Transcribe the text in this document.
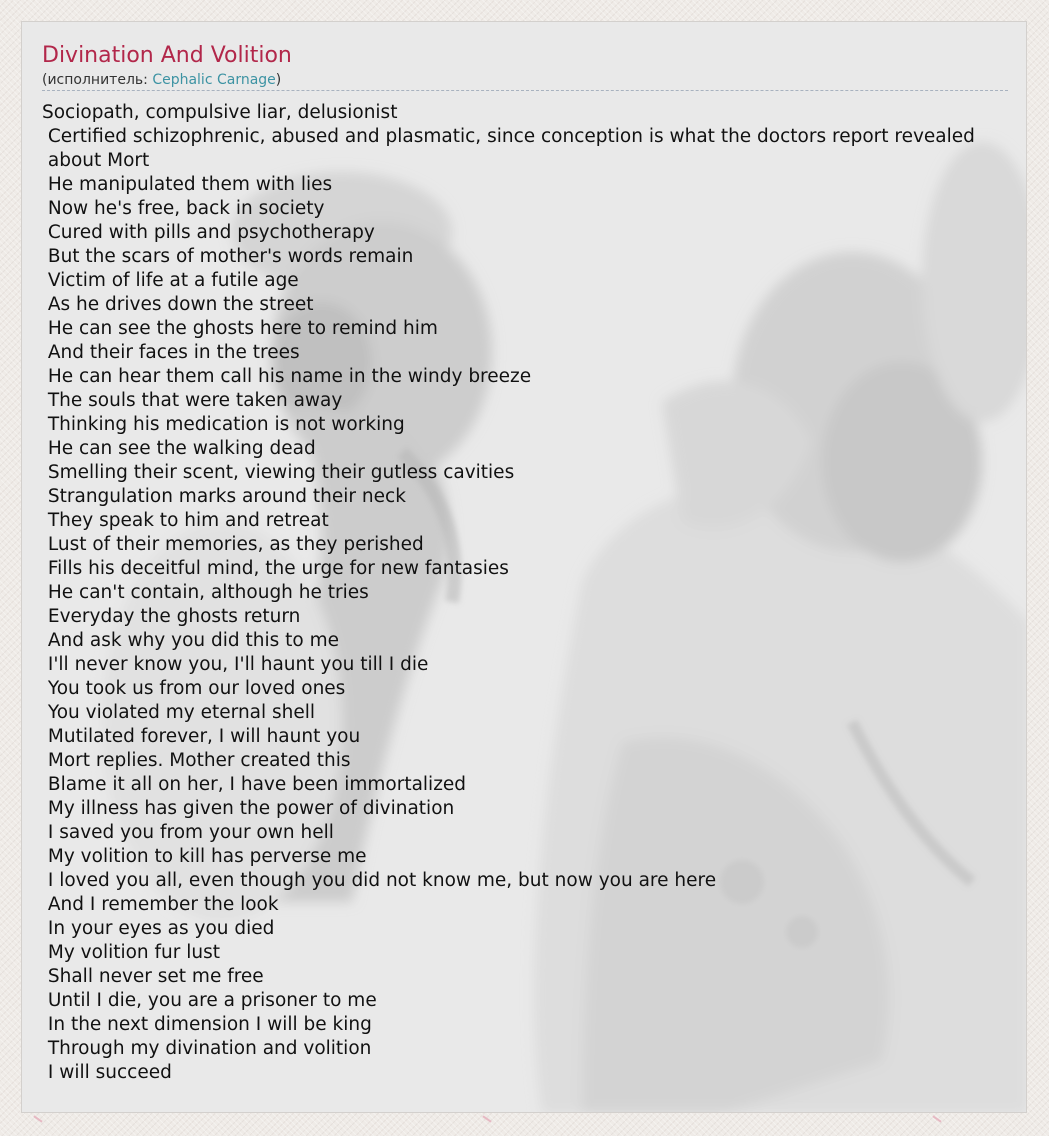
Divination And Volition
(исполнитель: Cephalic Carnage)
Sociopath, compulsive liar, delusionist
Certified schizophrenic, abused and plasmatic, since conception is what the doctors report revealed
about Mort
He manipulated them with lies
Now he's free, back in society
Cured with pills and psychotherapy
But the scars of mother's words remain
Victim of life at a futile age
As he drives down the street
He can see the ghosts here to remind him
And their faces in the trees
He can hear them call his name in the windy breeze
The souls that were taken away
Thinking his medication is not working
He can see the walking dead
Smelling their scent, viewing their gutless cavities
Strangulation marks around their neck
They speak to him and retreat
Lust of their memories, as they perished
Fills his deceitful mind, the urge for new fantasies
He can't contain, although he tries
Everyday the ghosts return
And ask why you did this to me
I'll never know you, I'll haunt you till I die
You took us from our loved ones
You violated my eternal shell
Mutilated forever, I will haunt you
Mort replies. Mother created this
Blame it all on her, I have been immortalized
My illness has given the power of divination
I saved you from your own hell
My volition to kill has perverse me
I loved you all, even though you did not know me, but now you are here
And I remember the look
In your eyes as you died
My volition fur lust
Shall never set me free
Until I die, you are a prisoner to me
In the next dimension I will be king
Through my divination and volition
I will succeed
